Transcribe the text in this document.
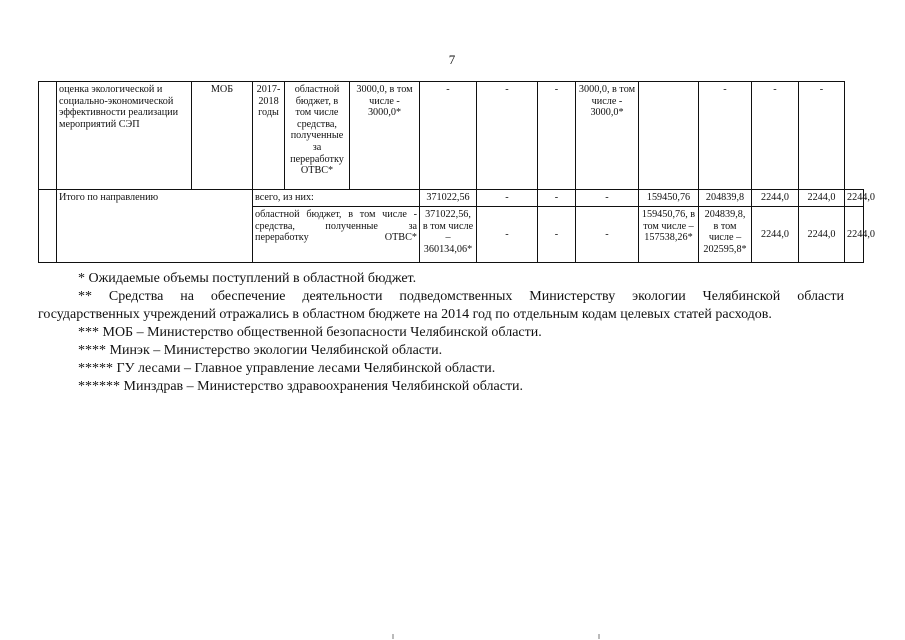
7
	оценка экологической и социально-экономической эффективности реализации мероприятий СЭП	МОБ	2017-2018 годы	областной бюджет, в том числе средства, полученные за переработку ОТВС*	3000,0, в том числе - 3000,0*	-	-	-	3000,0, в том числе - 3000,0*		-	-	-	
	Итого по направлению		всего, из них:			371022,56	-	-	-	159450,76	204839,8	2244,0	2244,0	2244,0
			областной бюджет, в том числе - средства, полученные за переработку ОТВС*			371022,56, в том числе – 360134,06*	-	-	-	159450,76, в том числе – 157538,26*	204839,8, в том числе – 202595,8*	2244,0	2244,0	2244,0

* Ожидаемые объемы поступлений в областной бюджет.

** Средства на обеспечение деятельности подведомственных Министерству экологии Челябинской области

государственных учреждений отражались в областном бюджете на 2014 год по отдельным кодам целевых статей расходов.

*** МОБ – Министерство общественной безопасности Челябинской области.

**** Минэк – Министерство экологии Челябинской области.

***** ГУ лесами – Главное управление лесами Челябинской области.

****** Минздрав – Министерство здравоохранения Челябинской области.
